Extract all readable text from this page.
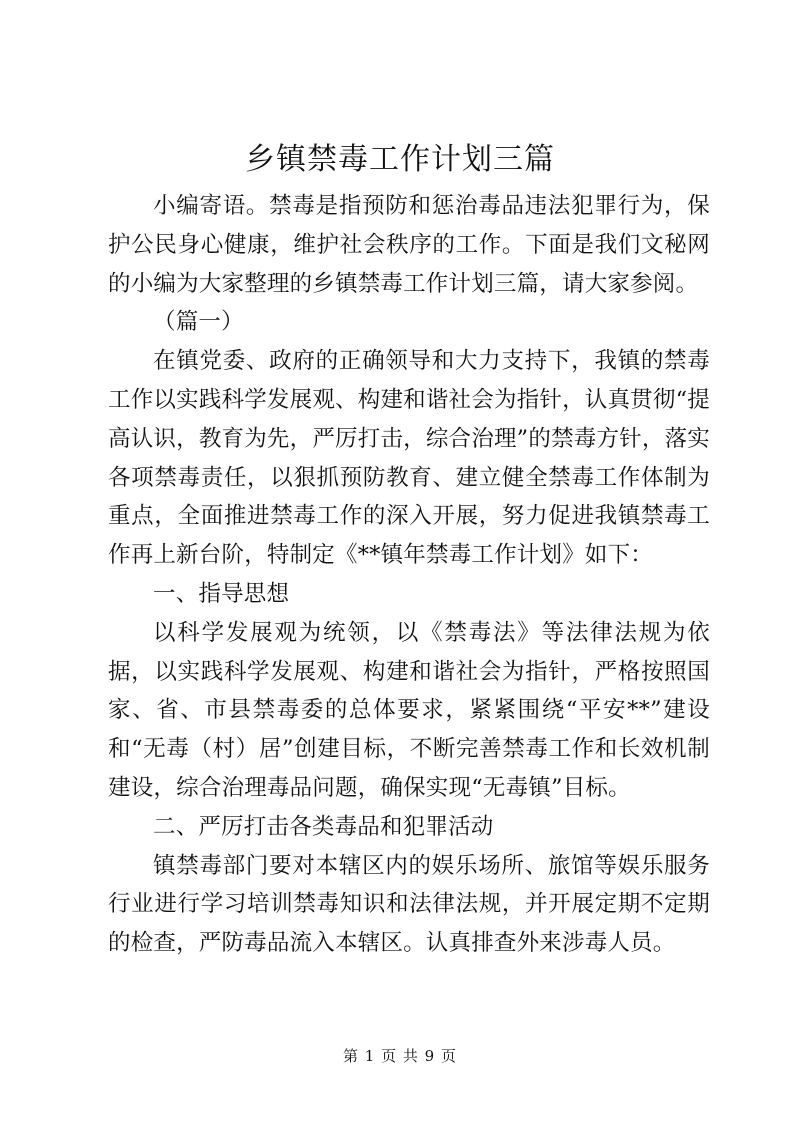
乡镇禁毒工作计划三篇

小编寄语。禁毒是指预防和惩治毒品违法犯罪行为，保护公民身心健康，维护社会秩序的工作。下面是我们文秘网的小编为大家整理的乡镇禁毒工作计划三篇，请大家参阅。

（篇一）

在镇党委、政府的正确领导和大力支持下，我镇的禁毒工作以实践科学发展观、构建和谐社会为指针，认真贯彻“提高认识，教育为先，严厉打击，综合治理”的禁毒方针，落实各项禁毒责任，以狠抓预防教育、建立健全禁毒工作体制为重点，全面推进禁毒工作的深入开展，努力促进我镇禁毒工作再上新台阶，特制定《**镇年禁毒工作计划》如下：

一、指导思想

以科学发展观为统领，以《禁毒法》等法律法规为依据，以实践科学发展观、构建和谐社会为指针，严格按照国家、省、市县禁毒委的总体要求，紧紧围绕“平安**”建设和“无毒（村）居”创建目标，不断完善禁毒工作和长效机制建设，综合治理毒品问题，确保实现“无毒镇”目标。

二、严厉打击各类毒品和犯罪活动

镇禁毒部门要对本辖区内的娱乐场所、旅馆等娱乐服务行业进行学习培训禁毒知识和法律法规，并开展定期不定期的检查，严防毒品流入本辖区。认真排查外来涉毒人员。

第 1 页 共 9 页
